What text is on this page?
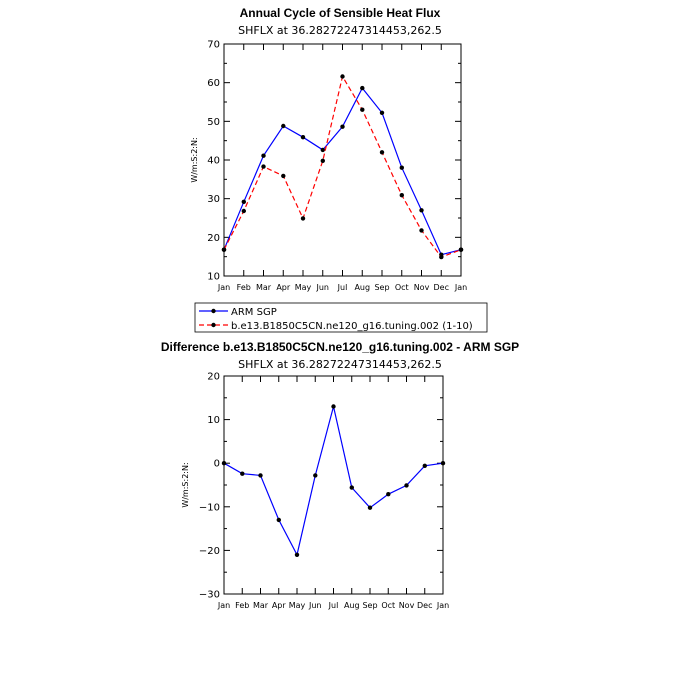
Annual Cycle of Sensible Heat Flux
SHFLX at 36.28272247314453,262.5
W/m:S:2:N:
10
20
30
40
50
60
70
Jan Feb Mar Apr May Jun Jul Aug Sep Oct Nov Dec Jan
ARM SGP
b.e13.B1850C5CN.ne120_g16.tuning.002 (1-10)
Difference b.e13.B1850C5CN.ne120_g16.tuning.002 - ARM SGP
SHFLX at 36.28272247314453,262.5
W/m:S:2:N:
−30
−20
−10
0
10
20
Jan Feb Mar Apr May Jun Jul Aug Sep Oct Nov Dec Jan
